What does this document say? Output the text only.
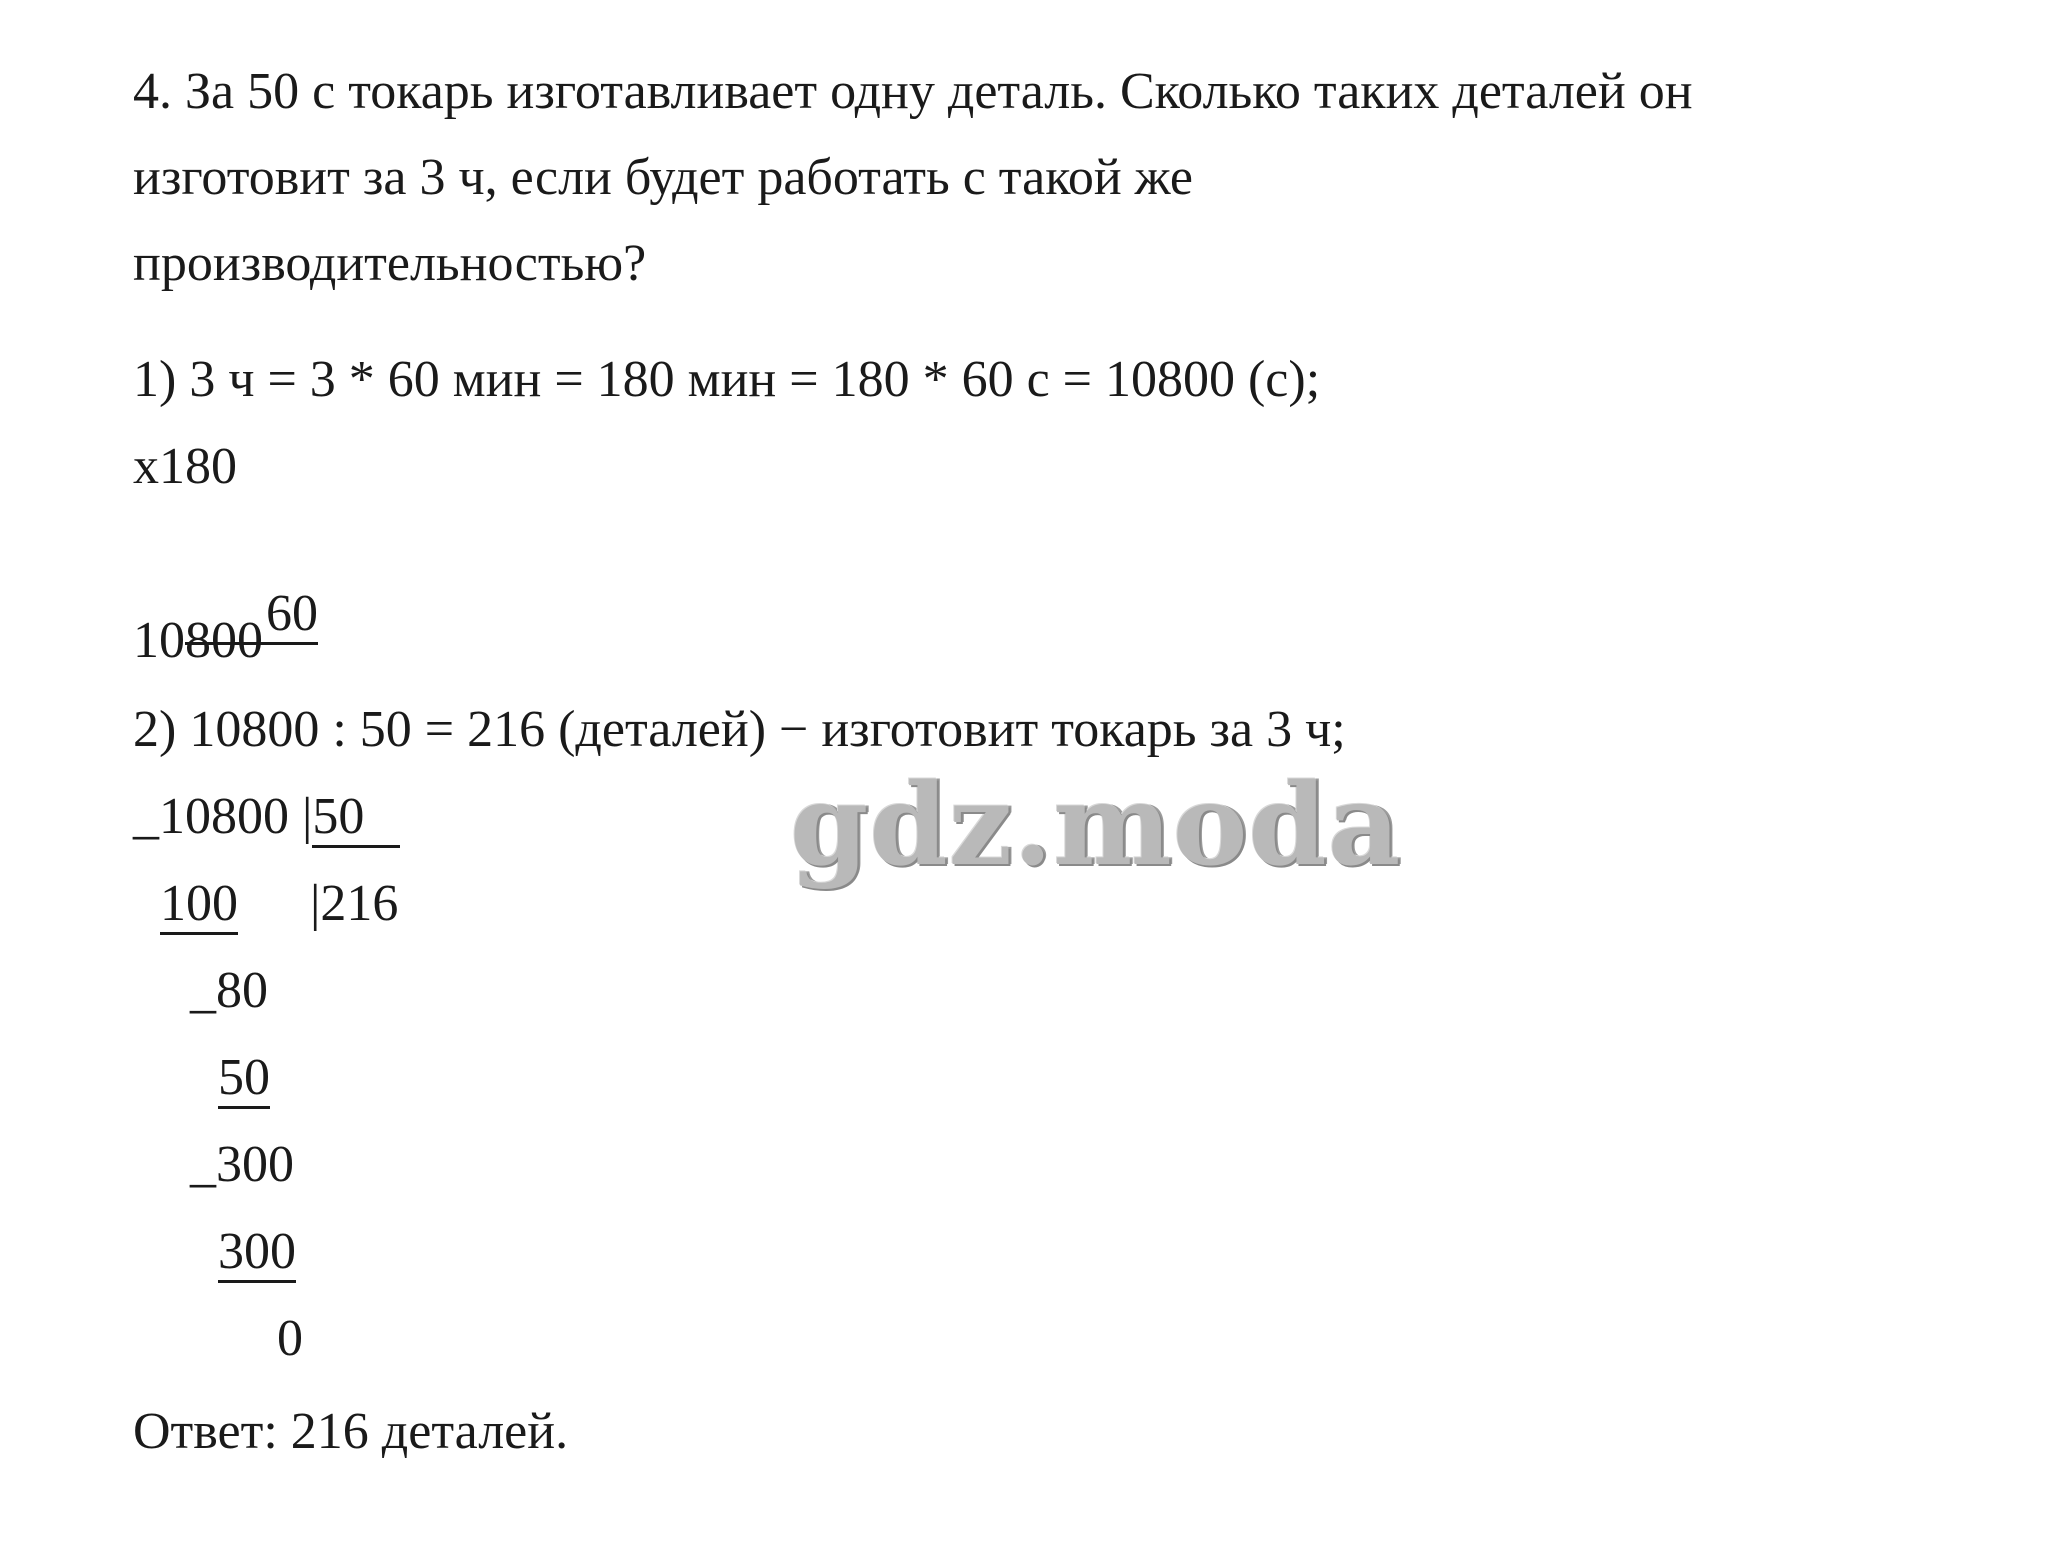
4. За 50 с токарь изготавливает одну деталь. Сколько таких деталей он
изготовит за 3 ч, если будет работать с такой же
производительностью?
1) 3 ч = 3 * 60 мин = 180 мин = 180 * 60 с = 10800 (с);
x180

60

10800
2) 10800 : 50 = 216 (деталей) − изготовит токарь за 3 ч;
_10800 |50
100 |216
_80
50
_300
300
0
Ответ: 216 деталей.
gdz.moda
